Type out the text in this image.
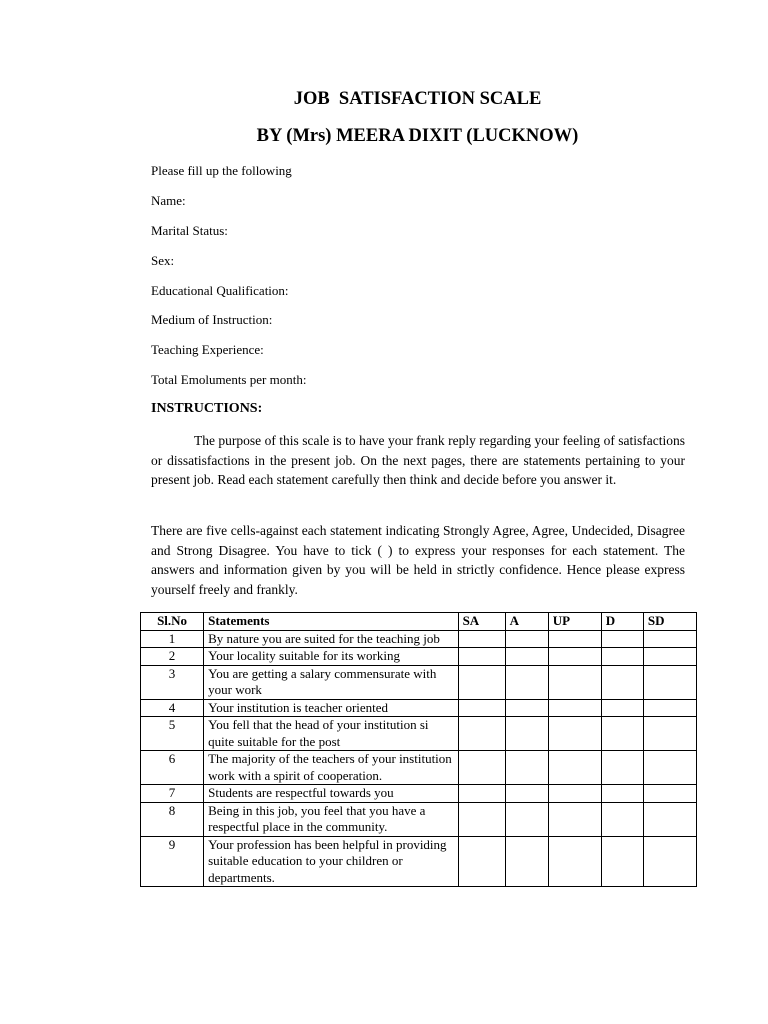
JOB  SATISFACTION SCALE
BY (Mrs) MEERA DIXIT (LUCKNOW)
Please fill up the following
Name:
Marital Status:
Sex:
Educational Qualification:
Medium of Instruction:
Teaching Experience:
Total Emoluments per month:
INSTRUCTIONS:
The purpose of this scale is to have your frank reply regarding your feeling of satisfactions or dissatisfactions in the present job. On the next pages, there are statements pertaining to your present job. Read each statement carefully then think and decide before you answer it.
There are five cells-against each statement indicating Strongly Agree, Agree, Undecided, Disagree and Strong Disagree. You have to tick ( ) to express your responses for each statement. The answers and information given by you will be held in strictly confidence. Hence please express yourself freely and frankly.
Sl.No	Statements	SA	A	UP	D	SD
1	By nature you are suited for the teaching job					
2	Your locality suitable for its working					
3	You are getting a salary commensurate with your work					
4	Your institution is teacher oriented					
5	You fell that the head of your institution si quite suitable for the post					
6	The majority of the teachers of your institution work with a spirit of cooperation.					
7	Students are respectful towards you					
8	Being in this job, you feel that you have a respectful place in the community.					
9	Your profession has been helpful in providing suitable education to your children or departments.					
